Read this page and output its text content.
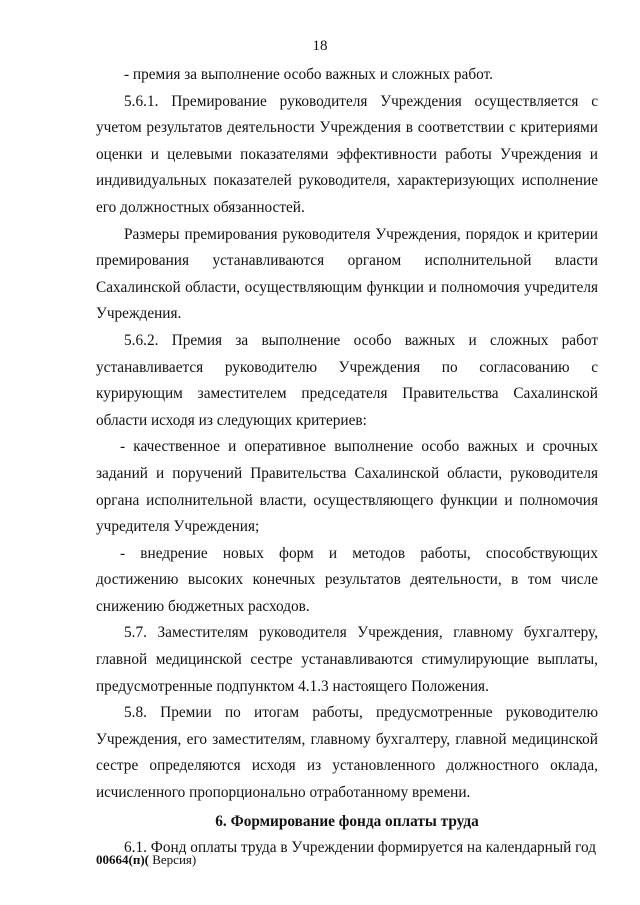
18

- премия за выполнение особо важных и сложных работ.

5.6.1. Премирование руководителя Учреждения осуществляется с учетом результатов деятельности Учреждения в соответствии с критериями оценки и целевыми показателями эффективности работы Учреждения и индивидуальных показателей руководителя, характеризующих исполнение его должностных обязанностей.

Размеры премирования руководителя Учреждения, порядок и критерии премирования устанавливаются органом исполнительной власти Сахалинской области, осуществляющим функции и полномочия учредителя Учреждения.

5.6.2. Премия за выполнение особо важных и сложных работ устанавливается руководителю Учреждения по согласованию с курирующим заместителем председателя Правительства Сахалинской области исходя из следующих критериев:

- качественное и оперативное выполнение особо важных и срочных заданий и поручений Правительства Сахалинской области, руководителя органа исполнительной власти, осуществляющего функции и полномочия учредителя Учреждения;

- внедрение новых форм и методов работы, способствующих достижению высоких конечных результатов деятельности, в том числе снижению бюджетных расходов.

5.7. Заместителям руководителя Учреждения, главному бухгалтеру, главной медицинской сестре устанавливаются стимулирующие выплаты, предусмотренные подпунктом 4.1.3 настоящего Положения.

5.8. Премии по итогам работы, предусмотренные руководителю Учреждения, его заместителям, главному бухгалтеру, главной медицинской сестре определяются исходя из установленного должностного оклада, исчисленного пропорционально отработанному времени.

6. Формирование фонда оплаты труда

6.1. Фонд оплаты труда в Учреждении формируется на календарный год

00664(п)( Версия)
